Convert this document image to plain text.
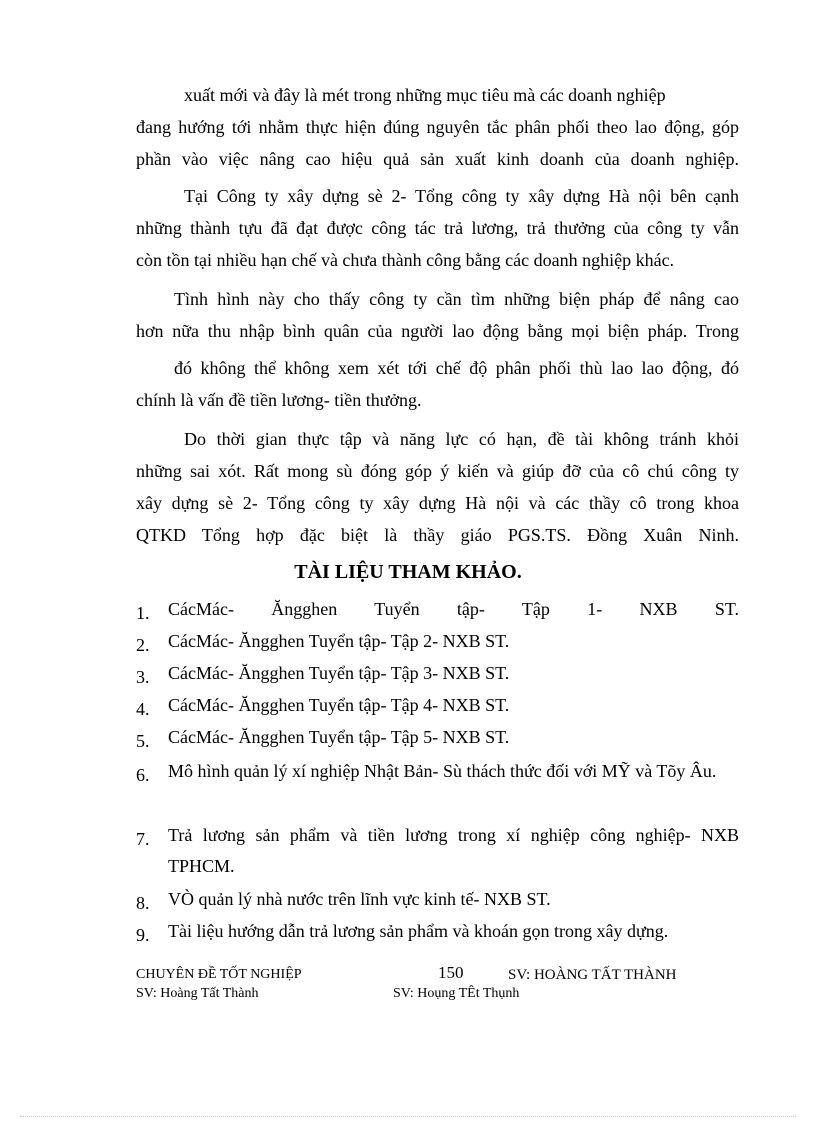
xuất mới và đây là mét trong những mục tiêu mà các doanh nghiệp
đang hướng tới nhằm thực hiện đúng nguyên tắc phân phối theo lao động, góp
phần vào việc nâng cao hiệu quả sản xuất kinh doanh của doanh nghiệp.
Tại Công ty xây dựng sè 2- Tổng công ty xây dựng Hà nội bên cạnh
những thành tựu đã đạt được công tác trả lương, trả thưởng của công ty vẫn
còn tồn tại nhiều hạn chế và chưa thành công bằng các doanh nghiệp khác.
Tình hình này cho thấy công ty cần tìm những biện pháp để nâng cao
hơn nữa thu nhập bình quân của người lao động bằng mọi biện pháp. Trong
đó không thể không xem xét tới chế độ phân phối thù lao lao động, đó
chính là vấn đề tiền lương- tiền thưởng.
Do thời gian thực tập và năng lực có hạn, đề tài không tránh khỏi
những sai xót. Rất mong sù đóng góp ý kiến và giúp đỡ của cô chú công ty
xây dựng sè 2- Tổng công ty xây dựng Hà nội và các thầy cô trong khoa
QTKD Tổng hợp đặc biệt là thầy giáo PGS.TS. Đồng Xuân Ninh.
TÀI LIỆU THAM KHẢO.
1. CácMác- Ăngghen Tuyển tập- Tập 1- NXB ST.
2. CácMác- Ăngghen Tuyển tập- Tập 2- NXB ST.
3. CácMác- Ăngghen Tuyển tập- Tập 3- NXB ST.
4. CácMác- Ăngghen Tuyển tập- Tập 4- NXB ST.
5. CácMác- Ăngghen Tuyển tập- Tập 5- NXB ST.
6. Mô hình quản lý xí nghiệp Nhật Bản- Sù thách thức đối với MỸ và Tõy Âu.
7. Trả lương sản phẩm và tiền lương trong xí nghiệp công nghiệp- NXB TPHCM.
8. VÒ quản lý nhà nước trên lĩnh vực kinh tế- NXB ST.
9. Tài liệu hướng dẫn trả lương sản phẩm và khoán gọn trong xây dựng.
CHUYÊN ĐỀ TỐT NGHIỆP	150	SV: HOÀNG TẤT THÀNH
SV: Hoàng Tất Thành	SV: Hoụng TÊt Thụnh
